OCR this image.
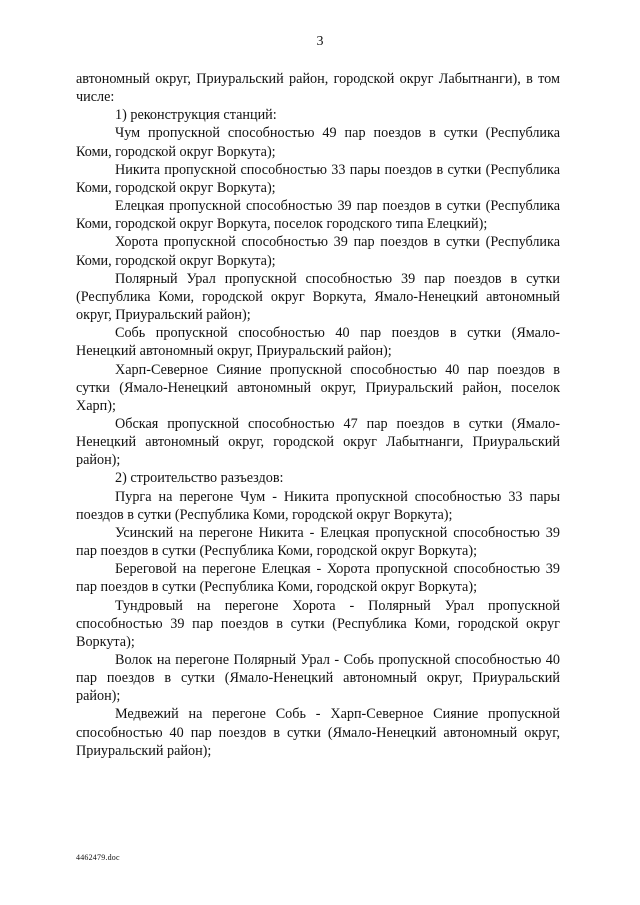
3

автономный округ, Приуральский район, городской округ Лабытнанги), в том числе:

1) реконструкция станций:

Чум пропускной способностью 49 пар поездов в сутки (Республика Коми, городской округ Воркута);

Никита пропускной способностью 33 пары поездов в сутки (Республика Коми, городской округ Воркута);

Елецкая пропускной способностью 39 пар поездов в сутки (Республика Коми, городской округ Воркута, поселок городского типа Елецкий);

Хорота пропускной способностью 39 пар поездов в сутки (Республика Коми, городской округ Воркута);

Полярный Урал пропускной способностью 39 пар поездов в сутки (Республика Коми, городской округ Воркута, Ямало-Ненецкий автономный округ, Приуральский район);

Собь пропускной способностью 40 пар поездов в сутки (Ямало-Ненецкий автономный округ, Приуральский район);

Харп-Северное Сияние пропускной способностью 40 пар поездов в сутки (Ямало-Ненецкий автономный округ, Приуральский район, поселок Харп);

Обская пропускной способностью 47 пар поездов в сутки (Ямало-Ненецкий автономный округ, городской округ Лабытнанги, Приуральский район);

2) строительство разъездов:

Пурга на перегоне Чум - Никита пропускной способностью 33 пары поездов в сутки (Республика Коми, городской округ Воркута);

Усинский на перегоне Никита - Елецкая пропускной способностью 39 пар поездов в сутки (Республика Коми, городской округ Воркута);

Береговой на перегоне Елецкая - Хорота пропускной способностью 39 пар поездов в сутки (Республика Коми, городской округ Воркута);

Тундровый на перегоне Хорота - Полярный Урал пропускной способностью 39 пар поездов в сутки (Республика Коми, городской округ Воркута);

Волок на перегоне Полярный Урал - Собь пропускной способностью 40 пар поездов в сутки (Ямало-Ненецкий автономный округ, Приуральский район);

Медвежий на перегоне Собь - Харп-Северное Сияние пропускной способностью 40 пар поездов в сутки (Ямало-Ненецкий автономный округ, Приуральский район);

4462479.doc
